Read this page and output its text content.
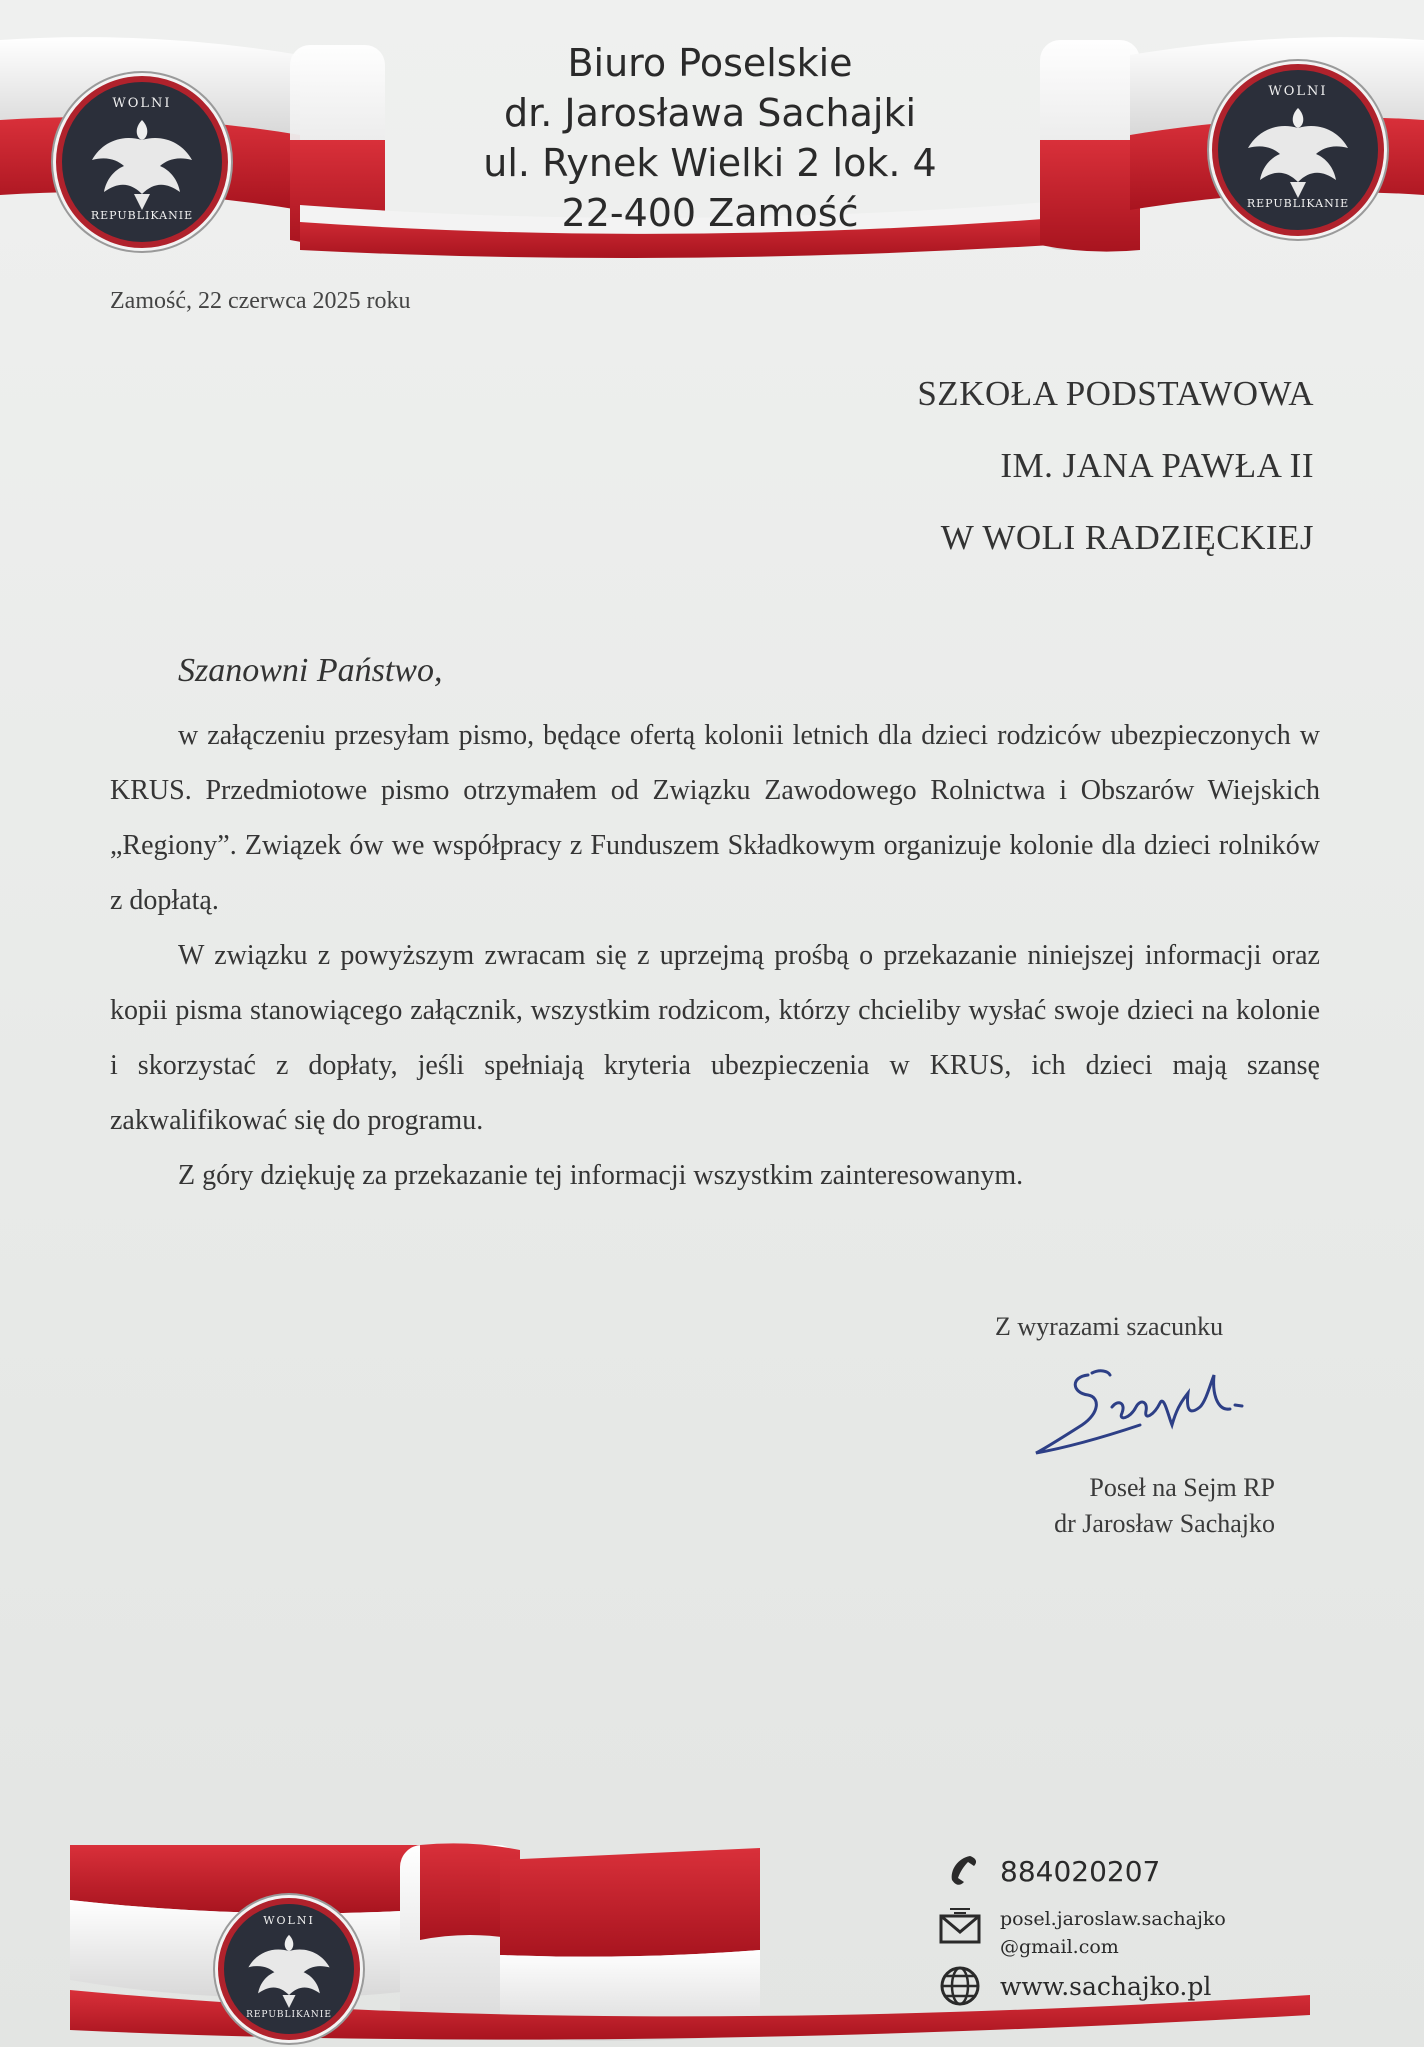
WOLNI
REPUBLIKANIE
WOLNI
REPUBLIKANIE
Biuro Poselskie
dr. Jarosława Sachajki
ul. Rynek Wielki 2 lok. 4
22-400 Zamość
Zamość, 22 czerwca 2025 roku
SZKOŁA PODSTAWOWA
IM. JANA PAWŁA II
W WOLI RADZIĘCKIEJ
Szanowni Państwo,

w załączeniu przesyłam pismo, będące ofertą kolonii letnich dla dzieci rodziców ubezpieczonych w KRUS. Przedmiotowe pismo otrzymałem od Związku Zawodowego Rolnictwa i Obszarów Wiejskich „Regiony”. Związek ów we współpracy z Funduszem Składkowym organizuje kolonie dla dzieci rolników z dopłatą.

W związku z powyższym zwracam się z uprzejmą prośbą o przekazanie niniejszej informacji oraz kopii pisma stanowiącego załącznik, wszystkim rodzicom, którzy chcieliby wysłać swoje dzieci na kolonie i skorzystać z dopłaty, jeśli spełniają kryteria ubezpieczenia w KRUS, ich dzieci mają szansę zakwalifikować się do programu.

Z góry dziękuję za przekazanie tej informacji wszystkim zainteresowanym.

Z wyrazami szacunku
Poseł na Sejm RP
dr Jarosław Sachajko
WOLNI
REPUBLIKANIE
884020207
posel.jaroslaw.sachajko
@gmail.com
www.sachajko.pl
